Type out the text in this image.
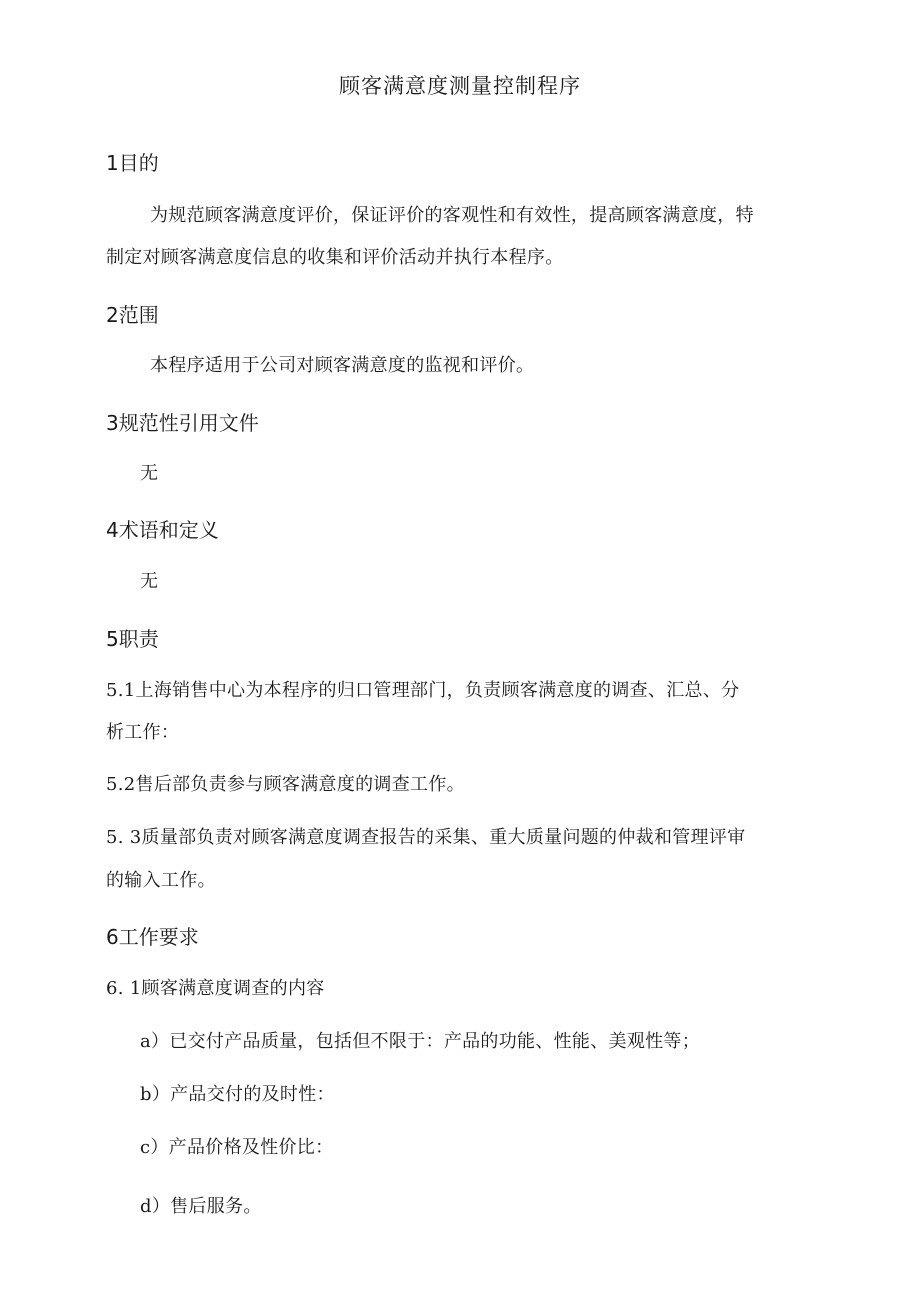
顾客满意度测量控制程序
1目的
为规范顾客满意度评价，保证评价的客观性和有效性，提高顾客满意度，特
制定对顾客满意度信息的收集和评价活动并执行本程序。
2范围
本程序适用于公司对顾客满意度的监视和评价。
3规范性引用文件
无
4术语和定义
无
5职责
5.1上海销售中心为本程序的归口管理部门，负责顾客满意度的调查、汇总、分
析工作：
5.2售后部负责参与顾客满意度的调查工作。
5. 3质量部负责对顾客满意度调查报告的采集、重大质量问题的仲裁和管理评审
的输入工作。
6工作要求
6. 1顾客满意度调查的内容
a）已交付产品质量，包括但不限于：产品的功能、性能、美观性等；
b）产品交付的及时性：
c）产品价格及性价比：
d）售后服务。
